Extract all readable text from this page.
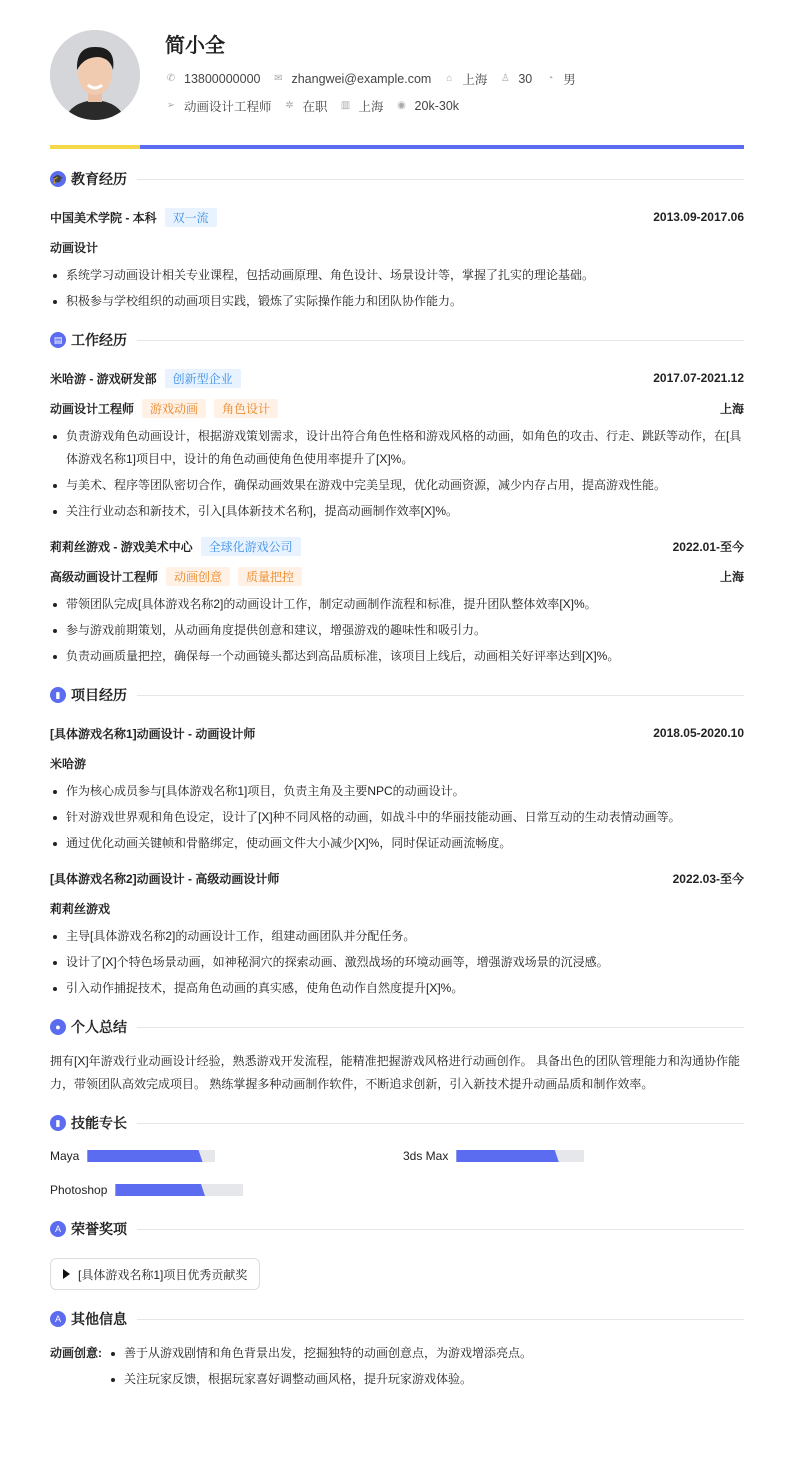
简小全
✆ 13800000000 ✉ zhangwei@example.com ⌂ 上海 ♙ 30 ◔ 男
➢ 动画设计工程师 ✲ 在职 ▥ 上海 ◉ 20k-30k
🎓 教育经历
中国美术学院 - 本科	双一流	2013.09-2017.06
动画设计
系统学习动画设计相关专业课程，包括动画原理、角色设计、场景设计等，掌握了扎实的理论基础。
积极参与学校组织的动画项目实践，锻炼了实际操作能力和团队协作能力。
▤ 工作经历
米哈游 - 游戏研发部	创新型企业	2017.07-2021.12
动画设计工程师	游戏动画	角色设计	上海
负责游戏角色动画设计，根据游戏策划需求，设计出符合角色性格和游戏风格的动画，如角色的攻击、行走、跳跃等动作，在[具体游戏名称1]项目中，设计的角色动画使角色使用率提升了[X]%。
与美术、程序等团队密切合作，确保动画效果在游戏中完美呈现，优化动画资源，减少内存占用，提高游戏性能。
关注行业动态和新技术，引入[具体新技术名称]，提高动画制作效率[X]%。
莉莉丝游戏 - 游戏美术中心	全球化游戏公司	2022.01-至今
高级动画设计工程师	动画创意	质量把控	上海
带领团队完成[具体游戏名称2]的动画设计工作，制定动画制作流程和标准，提升团队整体效率[X]%。
参与游戏前期策划，从动画角度提供创意和建议，增强游戏的趣味性和吸引力。
负责动画质量把控，确保每一个动画镜头都达到高品质标准，该项目上线后，动画相关好评率达到[X]%。
▮ 项目经历
[具体游戏名称1]动画设计 - 动画设计师	2018.05-2020.10
米哈游
作为核心成员参与[具体游戏名称1]项目，负责主角及主要NPC的动画设计。
针对游戏世界观和角色设定，设计了[X]种不同风格的动画，如战斗中的华丽技能动画、日常互动的生动表情动画等。
通过优化动画关键帧和骨骼绑定，使动画文件大小减少[X]%，同时保证动画流畅度。
[具体游戏名称2]动画设计 - 高级动画设计师	2022.03-至今
莉莉丝游戏
主导[具体游戏名称2]的动画设计工作，组建动画团队并分配任务。
设计了[X]个特色场景动画，如神秘洞穴的探索动画、激烈战场的环境动画等，增强游戏场景的沉浸感。
引入动作捕捉技术，提高角色动画的真实感，使角色动作自然度提升[X]%。
● 个人总结
拥有[X]年游戏行业动画设计经验，熟悉游戏开发流程，能精准把握游戏风格进行动画创作。 具备出色的团队管理能力和沟通协作能力，带领团队高效完成项目。 熟练掌握多种动画制作软件，不断追求创新，引入新技术提升动画品质和制作效率。
▮ 技能专长
Maya	3ds Max
Photoshop
A 荣誉奖项
[具体游戏名称1]项目优秀贡献奖
A 其他信息
动画创意:	善于从游戏剧情和角色背景出发，挖掘独特的动画创意点，为游戏增添亮点。
关注玩家反馈，根据玩家喜好调整动画风格，提升玩家游戏体验。
